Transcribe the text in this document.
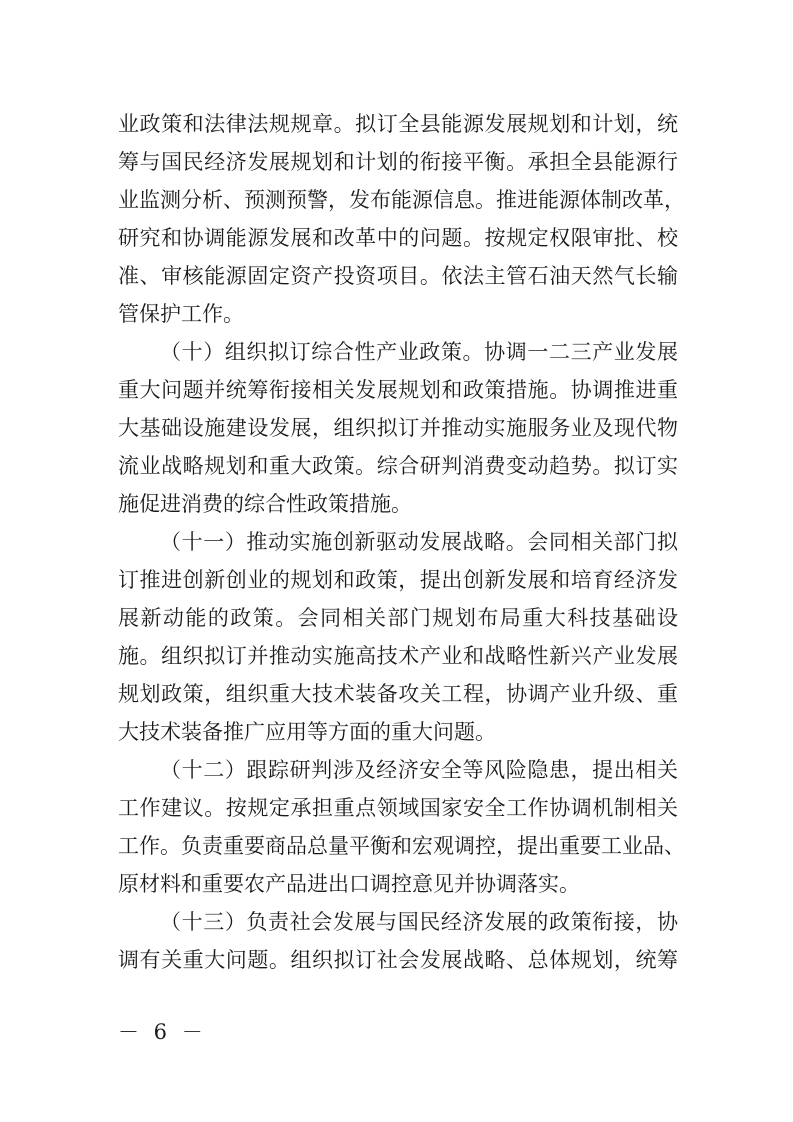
业政策和法律法规规章。拟订全县能源发展规划和计划，统
筹与国民经济发展规划和计划的衔接平衡。承担全县能源行
业监测分析、预测预警，发布能源信息。推进能源体制改革，
研究和协调能源发展和改革中的问题。按规定权限审批、校
准、审核能源固定资产投资项目。依法主管石油天然气长输
管保护工作。
（十）组织拟订综合性产业政策。协调一二三产业发展
重大问题并统筹衔接相关发展规划和政策措施。协调推进重
大基础设施建设发展，组织拟订并推动实施服务业及现代物
流业战略规划和重大政策。综合研判消费变动趋势。拟订实
施促进消费的综合性政策措施。
（十一）推动实施创新驱动发展战略。会同相关部门拟
订推进创新创业的规划和政策，提出创新发展和培育经济发
展新动能的政策。会同相关部门规划布局重大科技基础设
施。组织拟订并推动实施高技术产业和战略性新兴产业发展
规划政策，组织重大技术装备攻关工程，协调产业升级、重
大技术装备推广应用等方面的重大问题。
（十二）跟踪研判涉及经济安全等风险隐患，提出相关
工作建议。按规定承担重点领域国家安全工作协调机制相关
工作。负责重要商品总量平衡和宏观调控，提出重要工业品、
原材料和重要农产品进出口调控意见并协调落实。
（十三）负责社会发展与国民经济发展的政策衔接，协
调有关重大问题。组织拟订社会发展战略、总体规划，统筹
－ 6 －
